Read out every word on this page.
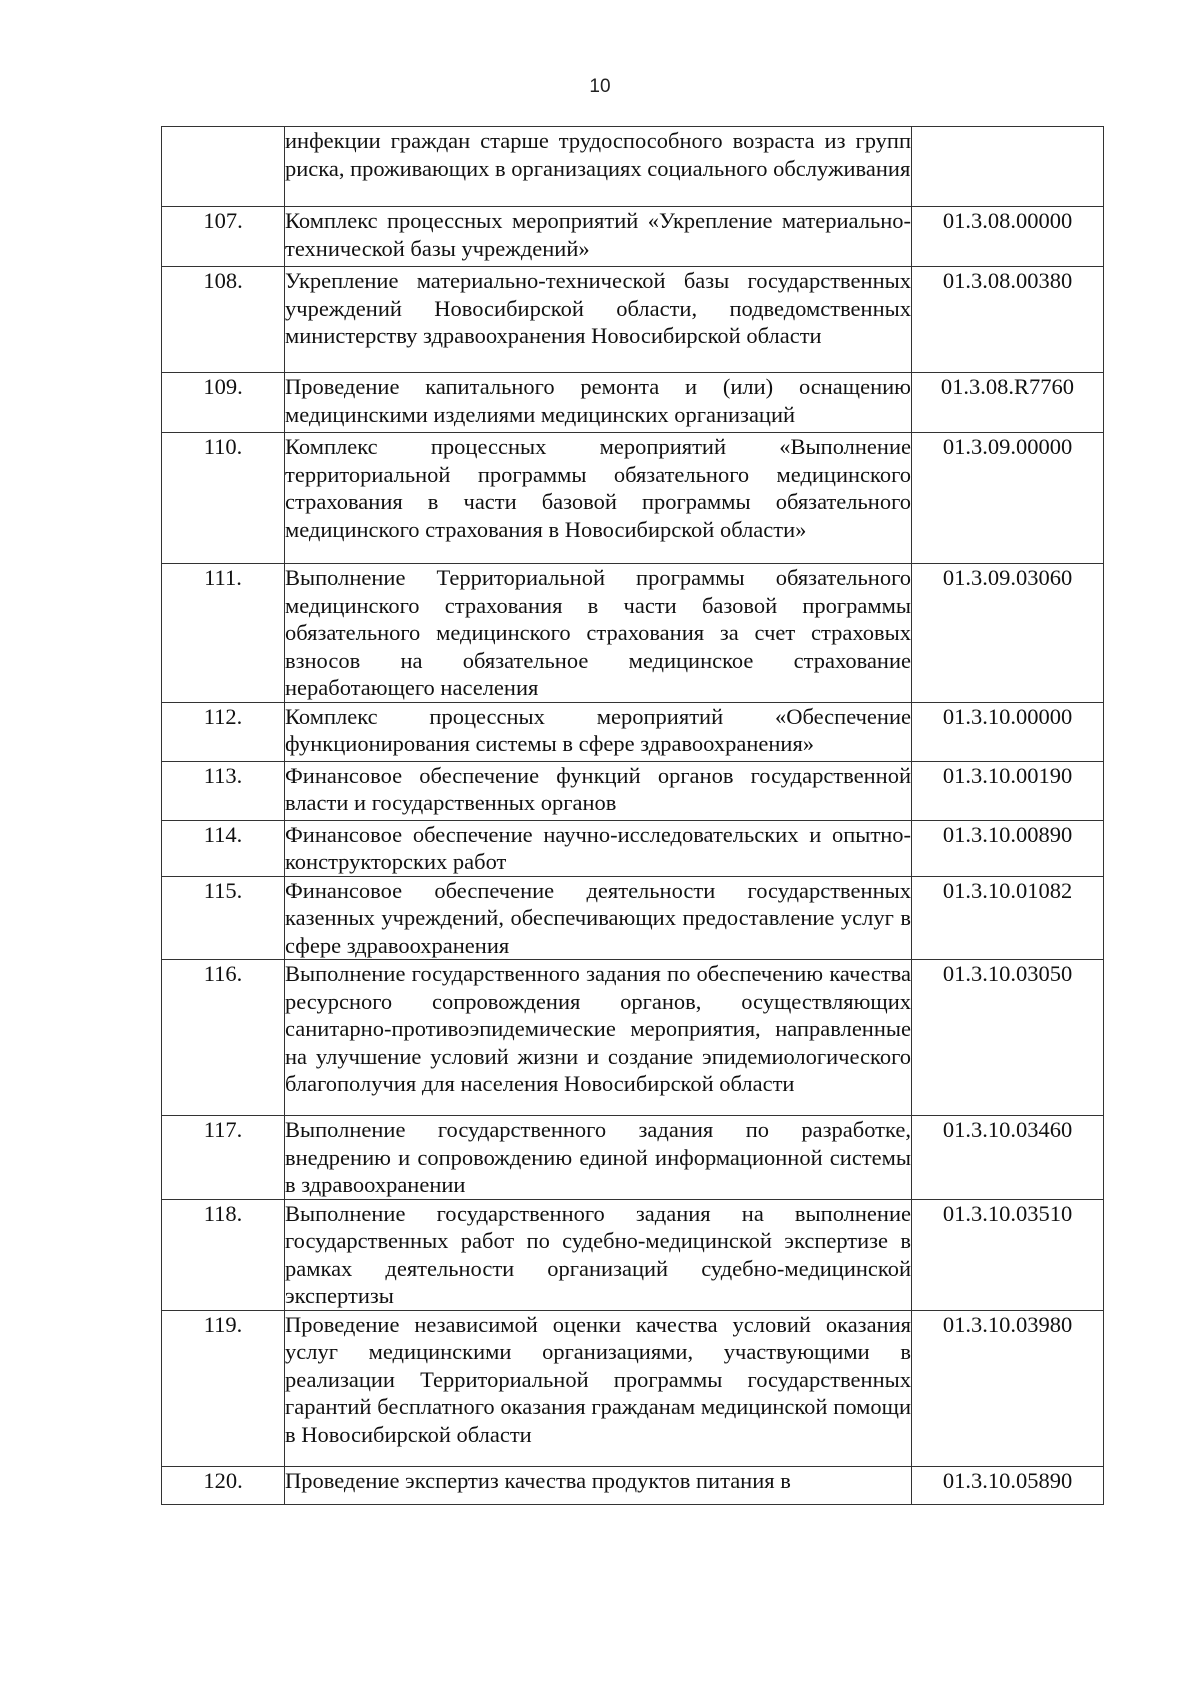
10
	инфекции граждан старше трудоспособного возраста из групп риска, проживающих в организациях социального обслуживания	
107.	Комплекс процессных мероприятий «Укрепление материально-технической базы учреждений»	01.3.08.00000
108.	Укрепление материально-технической базы государственных учреждений Новосибирской области, подведомственных министерству здравоохранения Новосибирской области	01.3.08.00380
109.	Проведение капитального ремонта и (или) оснащению медицинскими изделиями медицинских организаций	01.3.08.R7760
110.	Комплекс процессных мероприятий «Выполнение территориальной программы обязательного медицинского страхования в части базовой программы обязательного медицинского страхования в Новосибирской области»	01.3.09.00000
111.	Выполнение Территориальной программы обязательного медицинского страхования в части базовой программы обязательного медицинского страхования за счет страховых взносов на обязательное медицинское страхование неработающего населения	01.3.09.03060
112.	Комплекс процессных мероприятий «Обеспечение функционирования системы в сфере здравоохранения»	01.3.10.00000
113.	Финансовое обеспечение функций органов государственной власти и государственных органов	01.3.10.00190
114.	Финансовое обеспечение научно-исследовательских и опытно-конструкторских работ	01.3.10.00890
115.	Финансовое обеспечение деятельности государственных казенных учреждений, обеспечивающих предоставление услуг в сфере здравоохранения	01.3.10.01082
116.	Выполнение государственного задания по обеспечению качества ресурсного сопровождения органов, осуществляющих санитарно-противоэпидемические мероприятия, направленные на улучшение условий жизни и создание эпидемиологического благополучия для населения Новосибирской области	01.3.10.03050
117.	Выполнение государственного задания по разработке, внедрению и сопровождению единой информационной системы в здравоохранении	01.3.10.03460
118.	Выполнение государственного задания на выполнение государственных работ по судебно-медицинской экспертизе в рамках деятельности организаций судебно-медицинской экспертизы	01.3.10.03510
119.	Проведение независимой оценки качества условий оказания услуг медицинскими организациями, участвующими в реализации Территориальной программы государственных гарантий бесплатного оказания гражданам медицинской помощи в Новосибирской области	01.3.10.03980
120.	Проведение экспертиз качества продуктов питания в	01.3.10.05890
